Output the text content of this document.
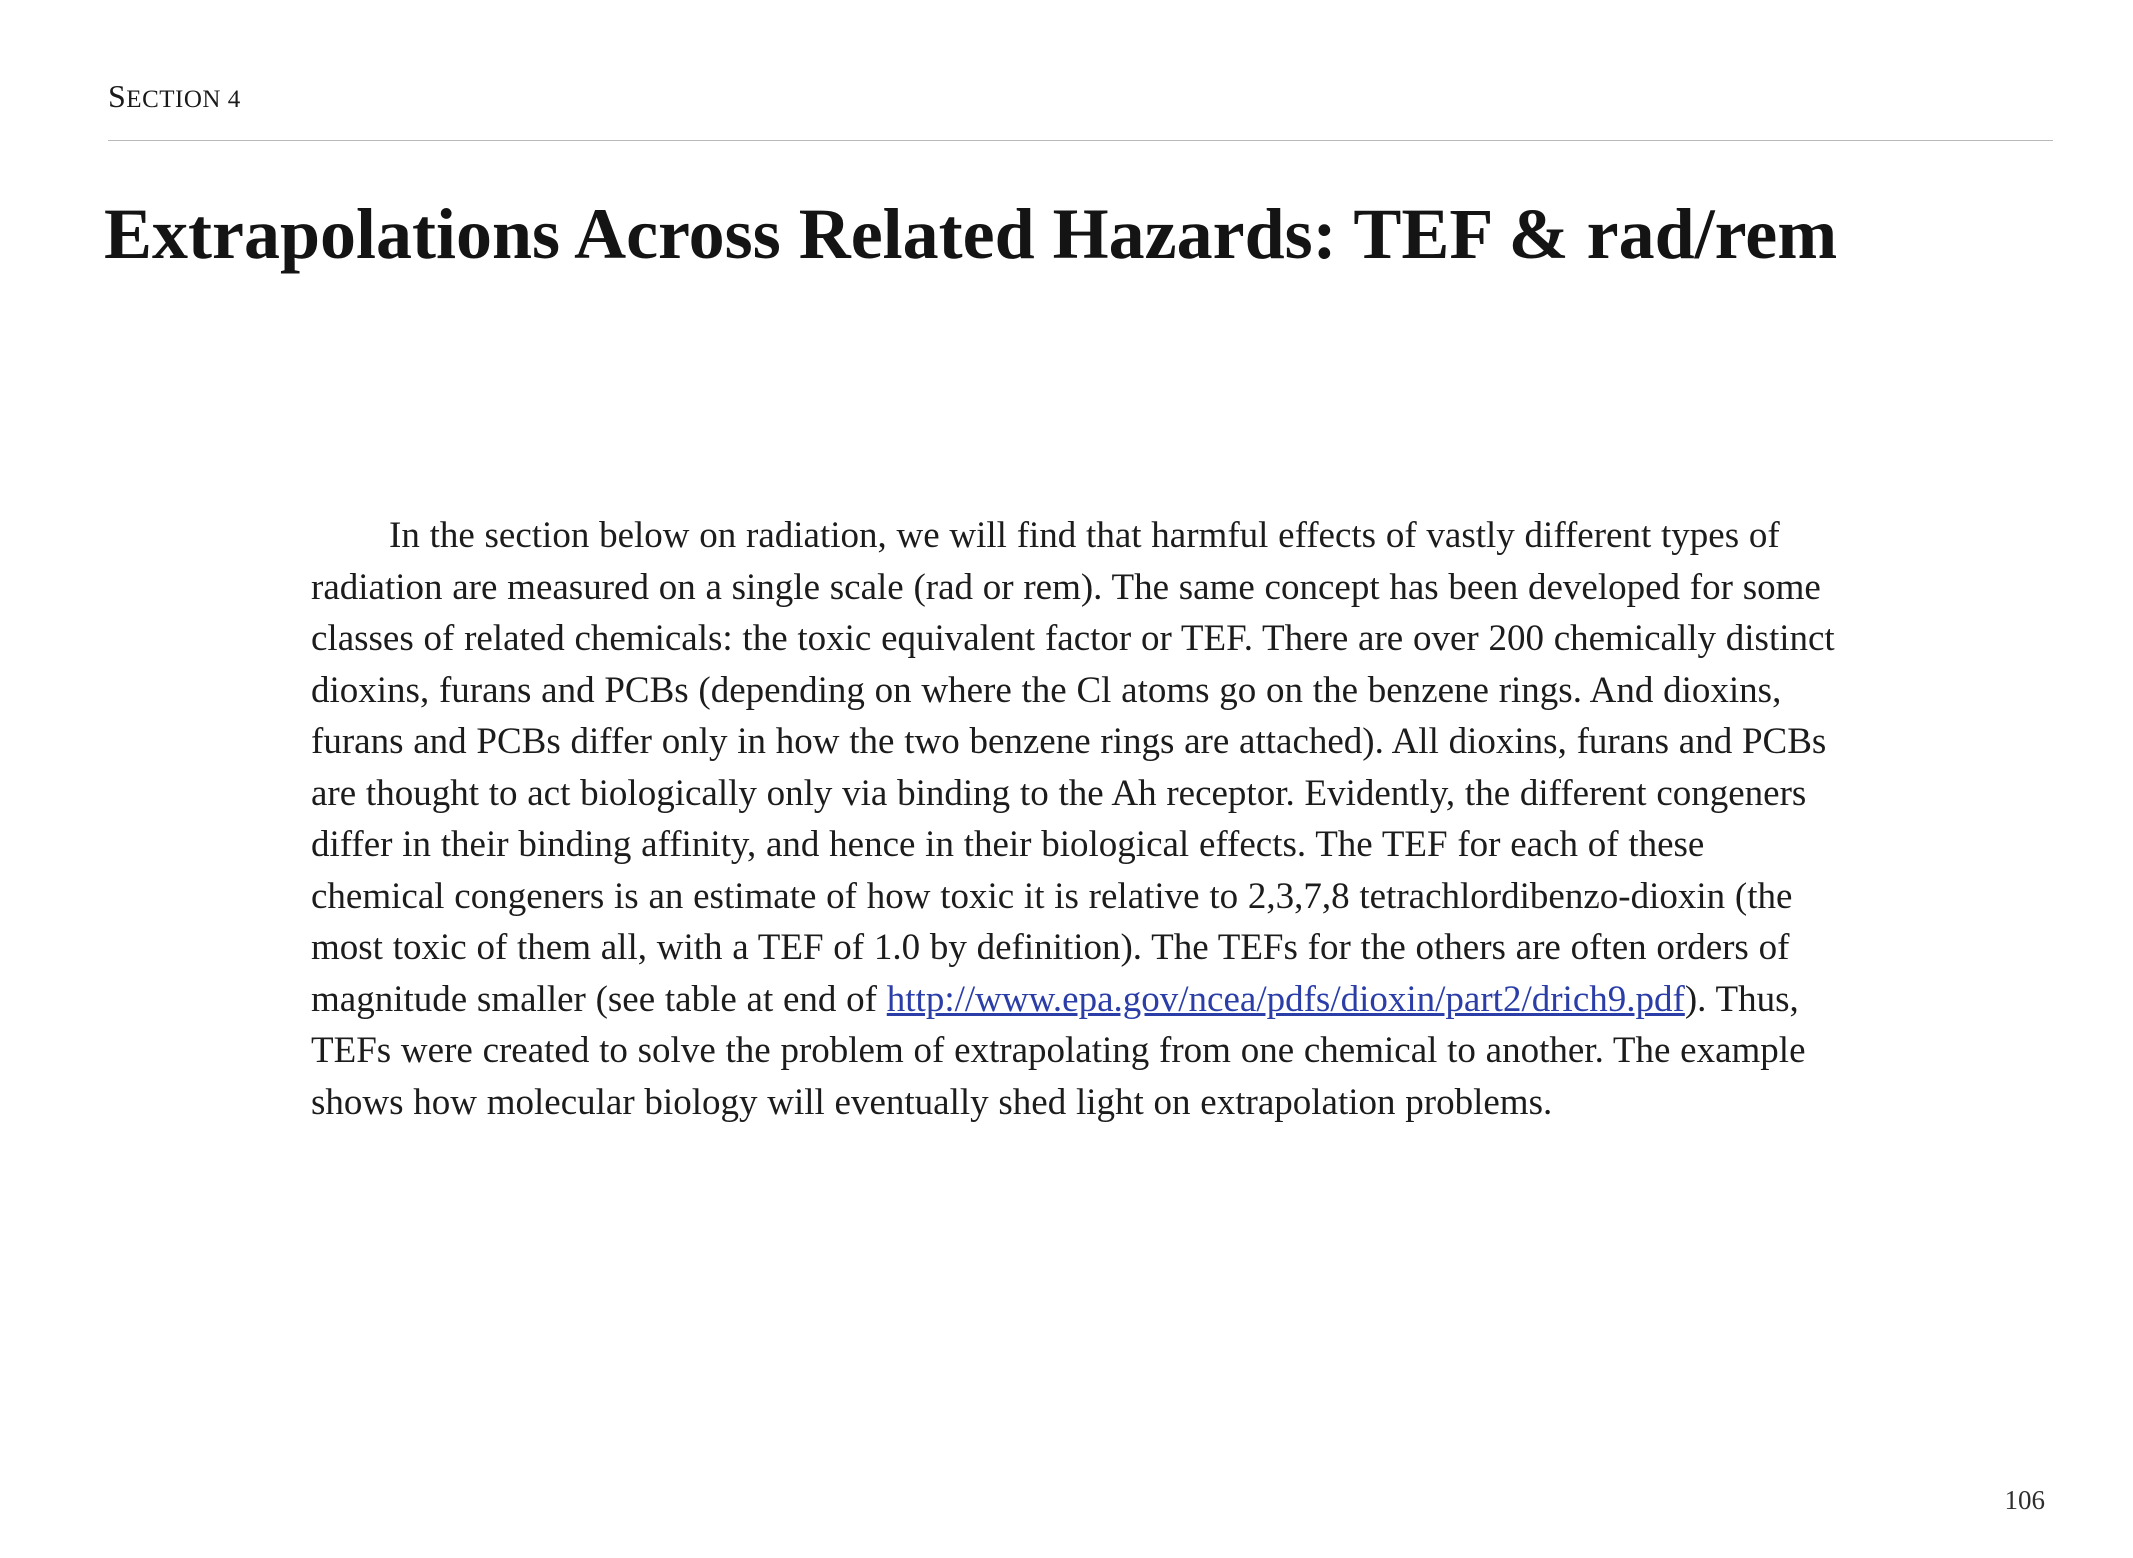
SECTION 4
Extrapolations Across Related Hazards: TEF & rad/rem

In the section below on radiation, we will find that harmful effects of vastly different types of radiation are measured on a single scale (rad or rem). The same concept has been developed for some classes of related chemicals: the toxic equivalent factor or TEF. There are over 200 chemically distinct dioxins, furans and PCBs (depending on where the Cl atoms go on the benzene rings. And dioxins, furans and PCBs differ only in how the two benzene rings are attached). All dioxins, furans and PCBs are thought to act biologically only via binding to the Ah receptor. Evidently, the different congeners differ in their binding affinity, and hence in their biological effects. The TEF for each of these chemical congeners is an estimate of how toxic it is relative to 2,3,7,8 tetrachlordibenzo-dioxin (the most toxic of them all, with a TEF of 1.0 by definition). The TEFs for the others are often orders of magnitude smaller (see table at end of http://www.epa.gov/ncea/pdfs/dioxin/part2/drich9.pdf). Thus, TEFs were created to solve the problem of extrapolating from one chemical to another. The example shows how molecular biology will eventually shed light on extrapolation problems.

106
